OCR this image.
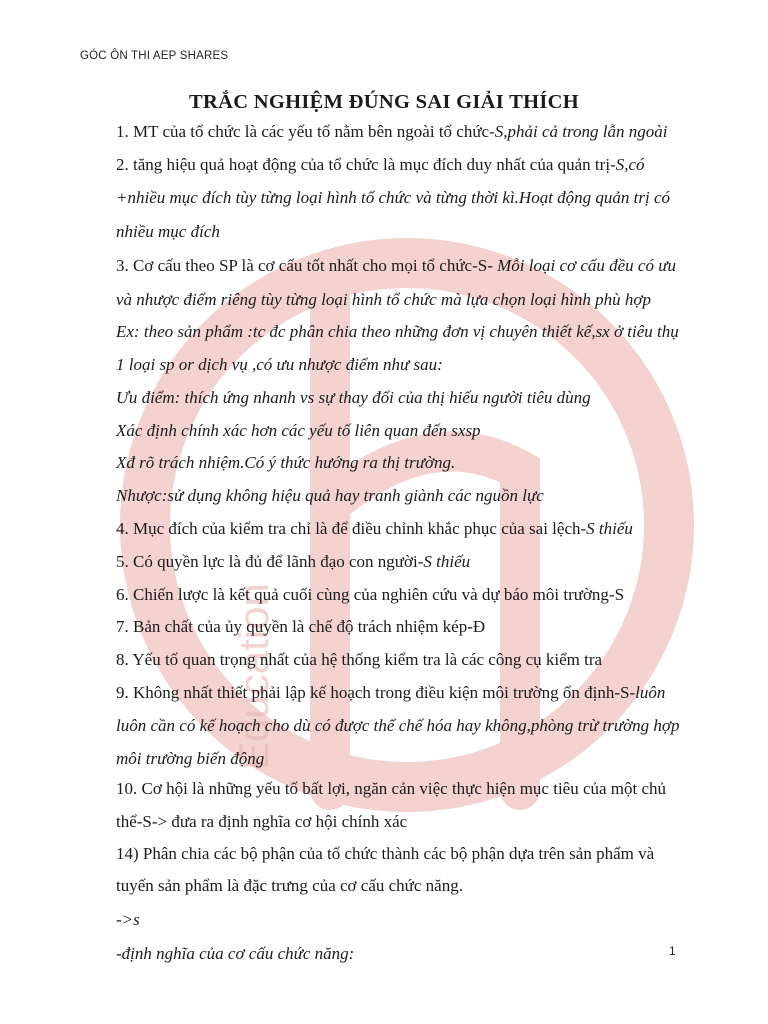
GÓC ÔN THI AEP SHARES
Education
TRẮC NGHIỆM ĐÚNG SAI GIẢI THÍCH
1. MT của tổ chức là các yếu tố nằm bên ngoài tổ chức-S,phải cả trong lẫn ngoài
2. tăng hiệu quả hoạt động của tổ chức là mục đích duy nhất của quản trị-S,có
+nhiều mục đích tùy từng loại hình tổ chức và từng thời kì.Hoạt động quản trị có
nhiều mục đích
3. Cơ cấu theo SP là cơ cấu tốt nhất cho mọi tổ chức-S- Mỗi loại cơ cấu đều có ưu
và nhược điểm riêng tùy từng loại hình tổ chức mà lựa chọn loại hình phù hợp
Ex: theo sản phẩm :tc đc phân chia theo những đơn vị chuyên thiết kế,sx ở tiêu thụ
1 loại sp or dịch vụ ,có ưu nhược điểm như sau:
Ưu điểm: thích ứng nhanh vs sự thay đổi của thị hiếu người tiêu dùng
Xác định chính xác hơn các yếu tố liên quan đến sxsp
Xđ rõ trách nhiệm.Có ý thức hướng ra thị trường.
Nhược:sử dụng không hiệu quả hay tranh giành các nguồn lực
4. Mục đích của kiểm tra chỉ là để điều chỉnh khắc phục của sai lệch-S thiếu
5. Có quyền lực là đủ để lãnh đạo con người-S thiếu
6. Chiến lược là kết quả cuối cùng của nghiên cứu và dự báo môi trường-S
7. Bản chất của ủy quyền là chế độ trách nhiệm kép-Đ
8. Yếu tố quan trọng nhất của hệ thống kiểm tra là các công cụ kiểm tra
9. Không nhất thiết phải lập kế hoạch trong điều kiện môi trường ổn định-S-luôn
luôn cần có kế hoạch cho dù có được thể chế hóa hay không,phòng trừ trường hợp
môi trường biến động
10. Cơ hội là những yếu tố bất lợi, ngăn cản việc thực hiện mục tiêu của một chủ
thể-S-> đưa ra định nghĩa cơ hội chính xác
14) Phân chia các bộ phận của tổ chức thành các bộ phận dựa trên sản phẩm và
tuyến sản phẩm là đặc trưng của cơ cấu chức năng.
->s
-định nghĩa của cơ cấu chức năng:	1
